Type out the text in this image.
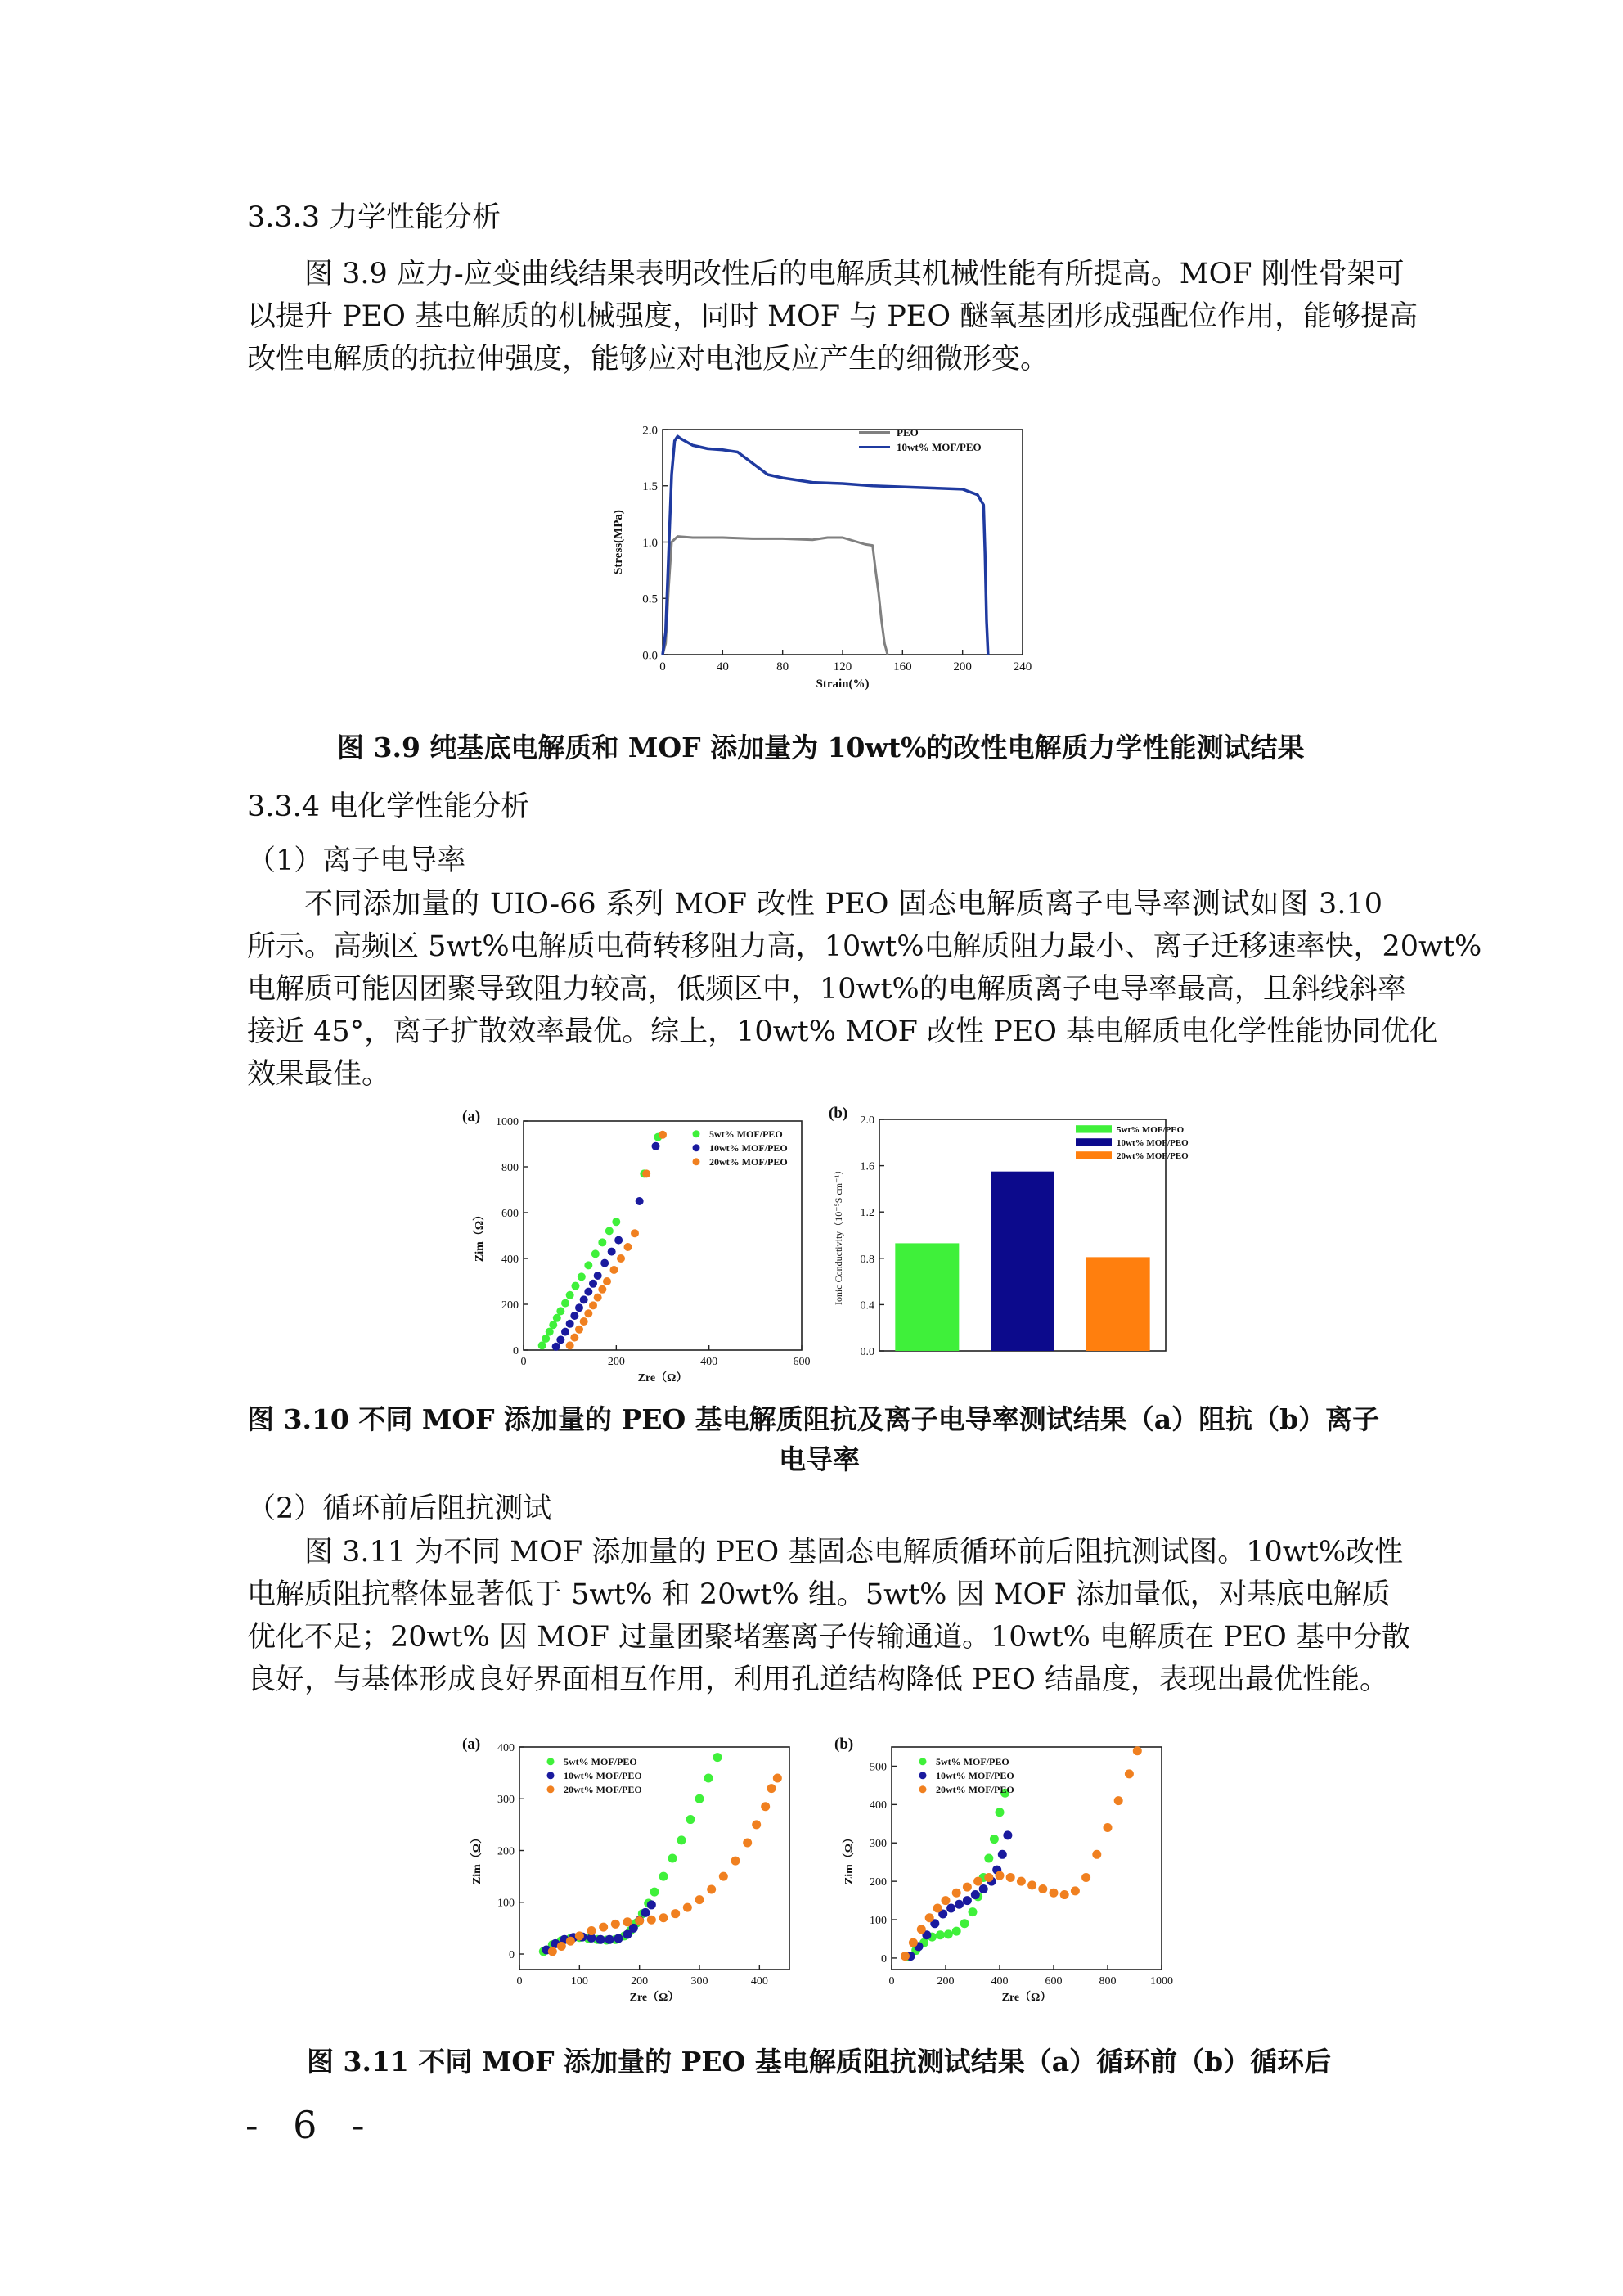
3.3.3 力学性能分析
图 3.9 应力-应变曲线结果表明改性后的电解质其机械性能有所提高。MOF 刚性骨架可
以提升 PEO 基电解质的机械强度，同时 MOF 与 PEO 醚氧基团形成强配位作用，能够提高
改性电解质的抗拉伸强度，能够应对电池反应产生的细微形变。
0	40	80	120	160	200	240
0.0
0.5
1.0
1.5
2.0
Strain(%)
Stress(MPa)
PEO
10wt% MOF/PEO
图 3.9 纯基底电解质和 MOF 添加量为 10wt%的改性电解质力学性能测试结果
3.3.4 电化学性能分析
（1）离子电导率
不同添加量的 UIO-66 系列 MOF 改性 PEO 固态电解质离子电导率测试如图 3.10
所示。高频区 5wt%电解质电荷转移阻力高，10wt%电解质阻力最小、离子迁移速率快，20wt%
电解质可能因团聚导致阻力较高，低频区中，10wt%的电解质离子电导率最高，且斜线斜率
接近 45°，离子扩散效率最优。综上，10wt% MOF 改性 PEO 基电解质电化学性能协同优化
效果最佳。
0	200	400	600
0
200
400
600
800
1000
Zre（Ω）
Zim（Ω）
(a)
5wt% MOF/PEO
10wt% MOF/PEO
20wt% MOF/PEO
0.0
0.4
0.8
1.2
1.6
2.0
Ionic Conductivity（10⁻⁵S cm⁻¹）
(b)
5wt% MOF/PEO
10wt% MOF/PEO
20wt% MOF/PEO
图 3.10 不同 MOF 添加量的 PEO 基电解质阻抗及离子电导率测试结果（a）阻抗（b）离子
电导率
（2）循环前后阻抗测试
图 3.11 为不同 MOF 添加量的 PEO 基固态电解质循环前后阻抗测试图。10wt%改性
电解质阻抗整体显著低于 5wt% 和 20wt% 组。5wt% 因 MOF 添加量低，对基底电解质
优化不足；20wt% 因 MOF 过量团聚堵塞离子传输通道。10wt% 电解质在 PEO 基中分散
良好，与基体形成良好界面相互作用，利用孔道结构降低 PEO 结晶度，表现出最优性能。
0	100	200	300	400
0
100
200
300
400
Zre（Ω）
Zim（Ω）
(a)
5wt% MOF/PEO
10wt% MOF/PEO
20wt% MOF/PEO
0	200	400	600	800	1000
0
100
200
300
400
500
Zre（Ω）
Zim（Ω）
(b)
5wt% MOF/PEO
10wt% MOF/PEO
20wt% MOF/PEO
图 3.11 不同 MOF 添加量的 PEO 基电解质阻抗测试结果（a）循环前（b）循环后
- 6 -
